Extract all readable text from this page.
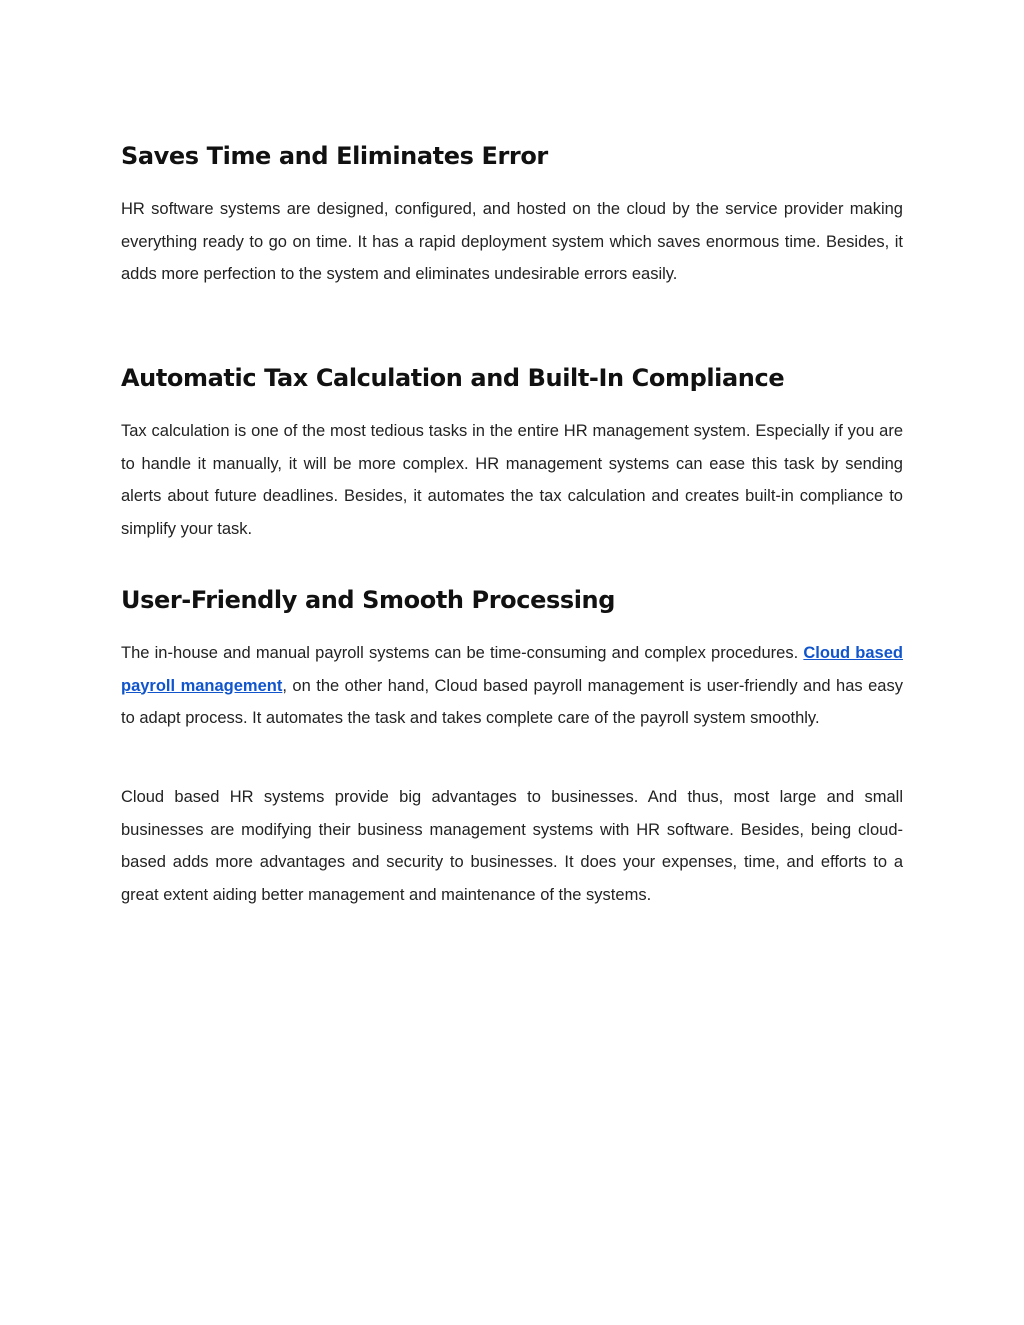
Saves Time and Eliminates Error

HR software systems are designed, configured, and hosted on the cloud by the service provider making everything ready to go on time. It has a rapid deployment system which saves enormous time. Besides, it adds more perfection to the system and eliminates undesirable errors easily.

Automatic Tax Calculation and Built-In Compliance

Tax calculation is one of the most tedious tasks in the entire HR management system. Especially if you are to handle it manually, it will be more complex. HR management systems can ease this task by sending alerts about future deadlines. Besides, it automates the tax calculation and creates built-in compliance to simplify your task.

User-Friendly and Smooth Processing

The in-house and manual payroll systems can be time-consuming and complex procedures. Cloud based payroll management, on the other hand, Cloud based payroll management is user-friendly and has easy to adapt process. It automates the task and takes complete care of the payroll system smoothly.

Cloud based HR systems provide big advantages to businesses. And thus, most large and small businesses are modifying their business management systems with HR software. Besides, being cloud-based adds more advantages and security to businesses. It does your expenses, time, and efforts to a great extent aiding better management and maintenance of the systems.
